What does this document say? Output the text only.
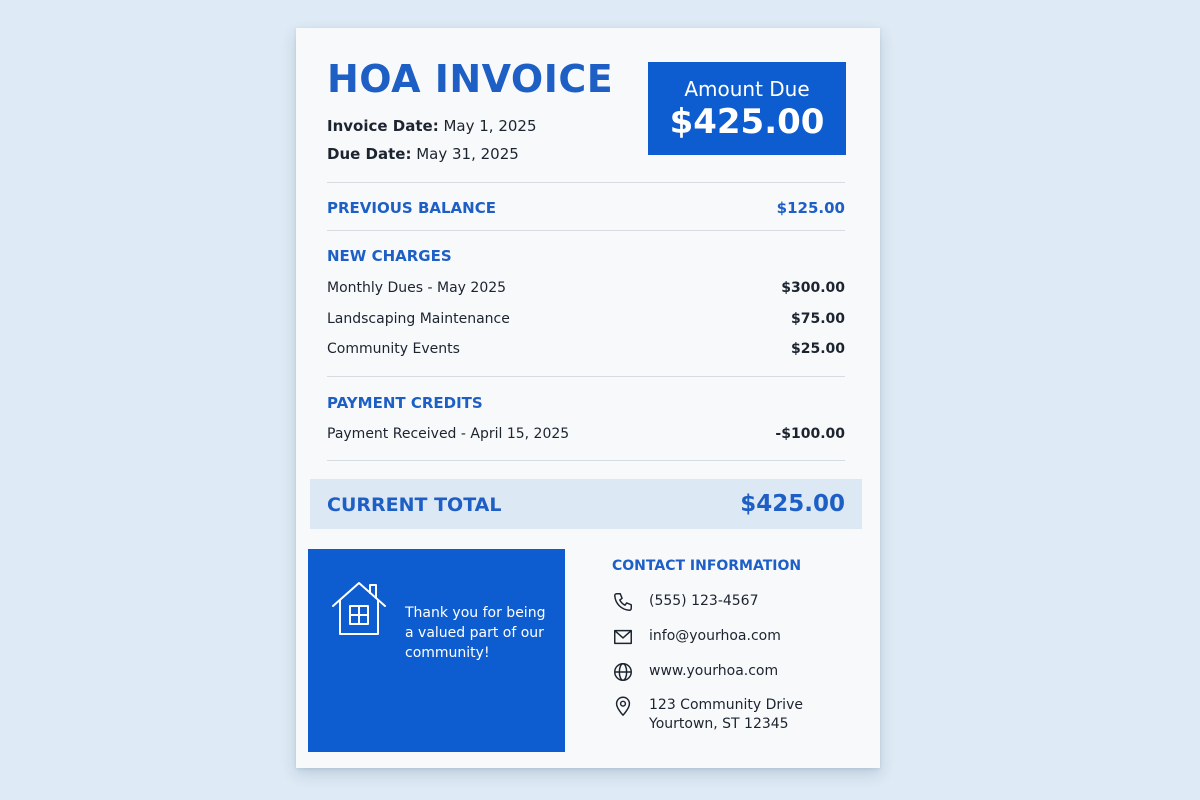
HOA INVOICE
Invoice Date: May 1, 2025
Due Date: May 31, 2025
Amount Due
$425.00
PREVIOUS BALANCE	$125.00
NEW CHARGES
Monthly Dues - May 2025	$300.00
Landscaping Maintenance	$75.00
Community Events	$25.00
PAYMENT CREDITS
Payment Received - April 15, 2025	-$100.00
CURRENT TOTAL	$425.00
Thank you for being a valued part of our community!
CONTACT INFORMATION
(555) 123-4567
info@yourhoa.com
www.yourhoa.com
123 Community Drive
Yourtown, ST 12345
